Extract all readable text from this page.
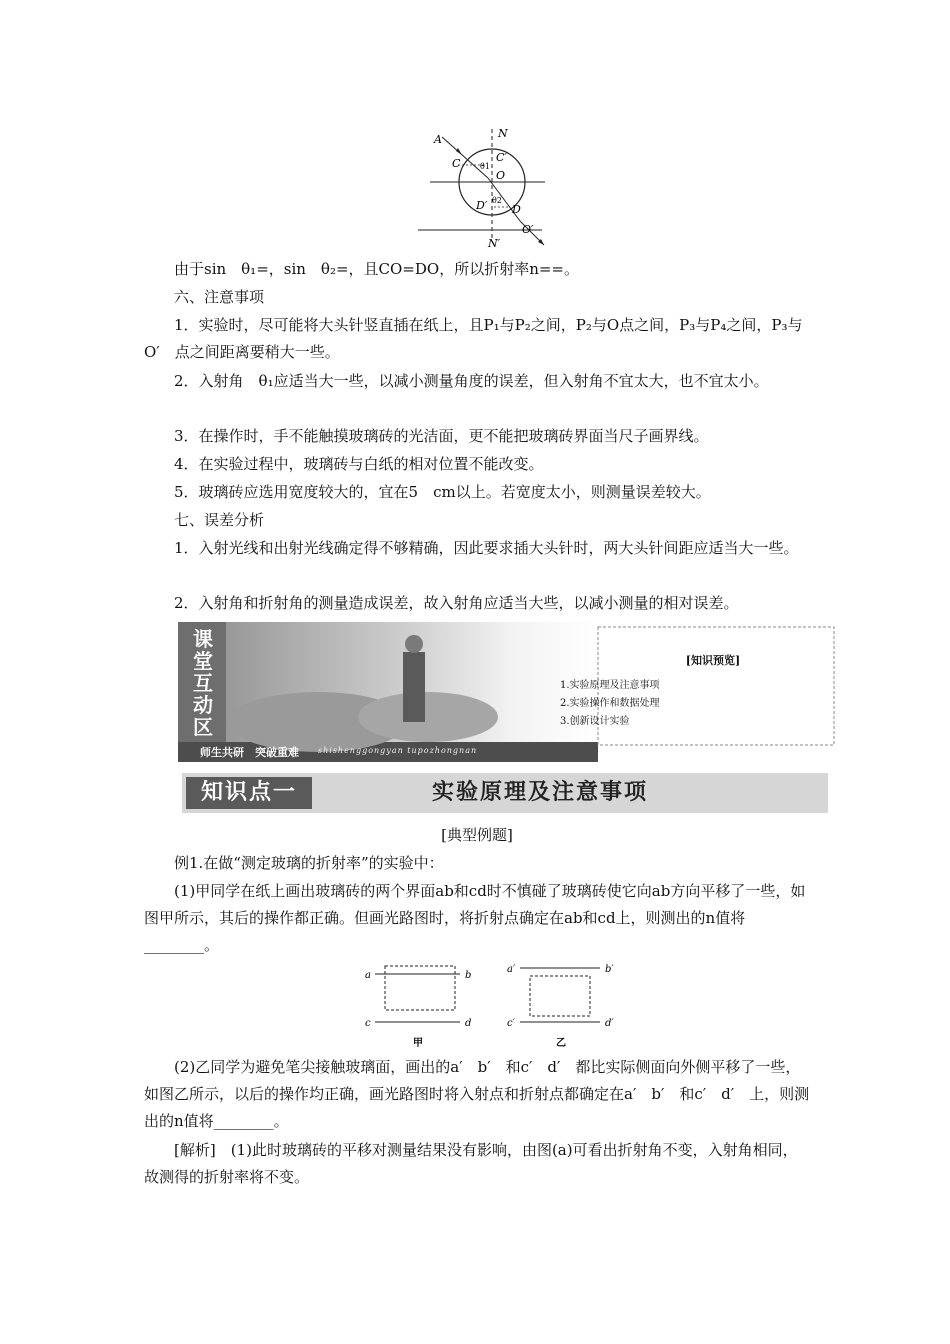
A	N
C	C′
θ1
O
D′ θ2
D
O′
N′

由于sin　θ₁=，sin　θ₂=，且CO=DO，所以折射率n==。

六、注意事项

1．实验时，尽可能将大头针竖直插在纸上，且P₁与P₂之间，P₂与O点之间，P₃与P₄之间，P₃与O′　点之间距离要稍大一些。

2．入射角　θ₁应适当大一些，以减小测量角度的误差，但入射角不宜太大，也不宜太小。

3．在操作时，手不能触摸玻璃砖的光洁面，更不能把玻璃砖界面当尺子画界线。

4．在实验过程中，玻璃砖与白纸的相对位置不能改变。

5．玻璃砖应选用宽度较大的，宜在5　cm以上。若宽度太小，则测量误差较大。

七、误差分析

1．入射光线和出射光线确定得不够精确，因此要求插大头针时，两大头针间距应适当大一些。

2．入射角和折射角的测量造成误差，故入射角应适当大些，以减小测量的相对误差。

课
堂
互
动
区
师生共研　突破重难 shishenggongyan tupozhongnan
[知识预览]
1.实验原理及注意事项
2.实验操作和数据处理
3.创新设计实验
知识点一	实验原理及注意事项

[典型例题]

例1.在做“测定玻璃的折射率”的实验中：

(1)甲同学在纸上画出玻璃砖的两个界面ab和cd时不慎碰了玻璃砖使它向ab方向平移了一些，如图甲所示，其后的操作都正确。但画光路图时，将折射点确定在ab和cd上，则测出的n值将________。

a	b
c	d
甲
a′	b′
c′	d′
乙

(2)乙同学为避免笔尖接触玻璃面，画出的a′　b′　和c′　d′　都比实际侧面向外侧平移了一些，如图乙所示，以后的操作均正确，画光路图时将入射点和折射点都确定在a′　b′　和c′　d′　上，则测出的n值将________。

[解析]　(1)此时玻璃砖的平移对测量结果没有影响，由图(a)可看出折射角不变，入射角相同，故测得的折射率将不变。
